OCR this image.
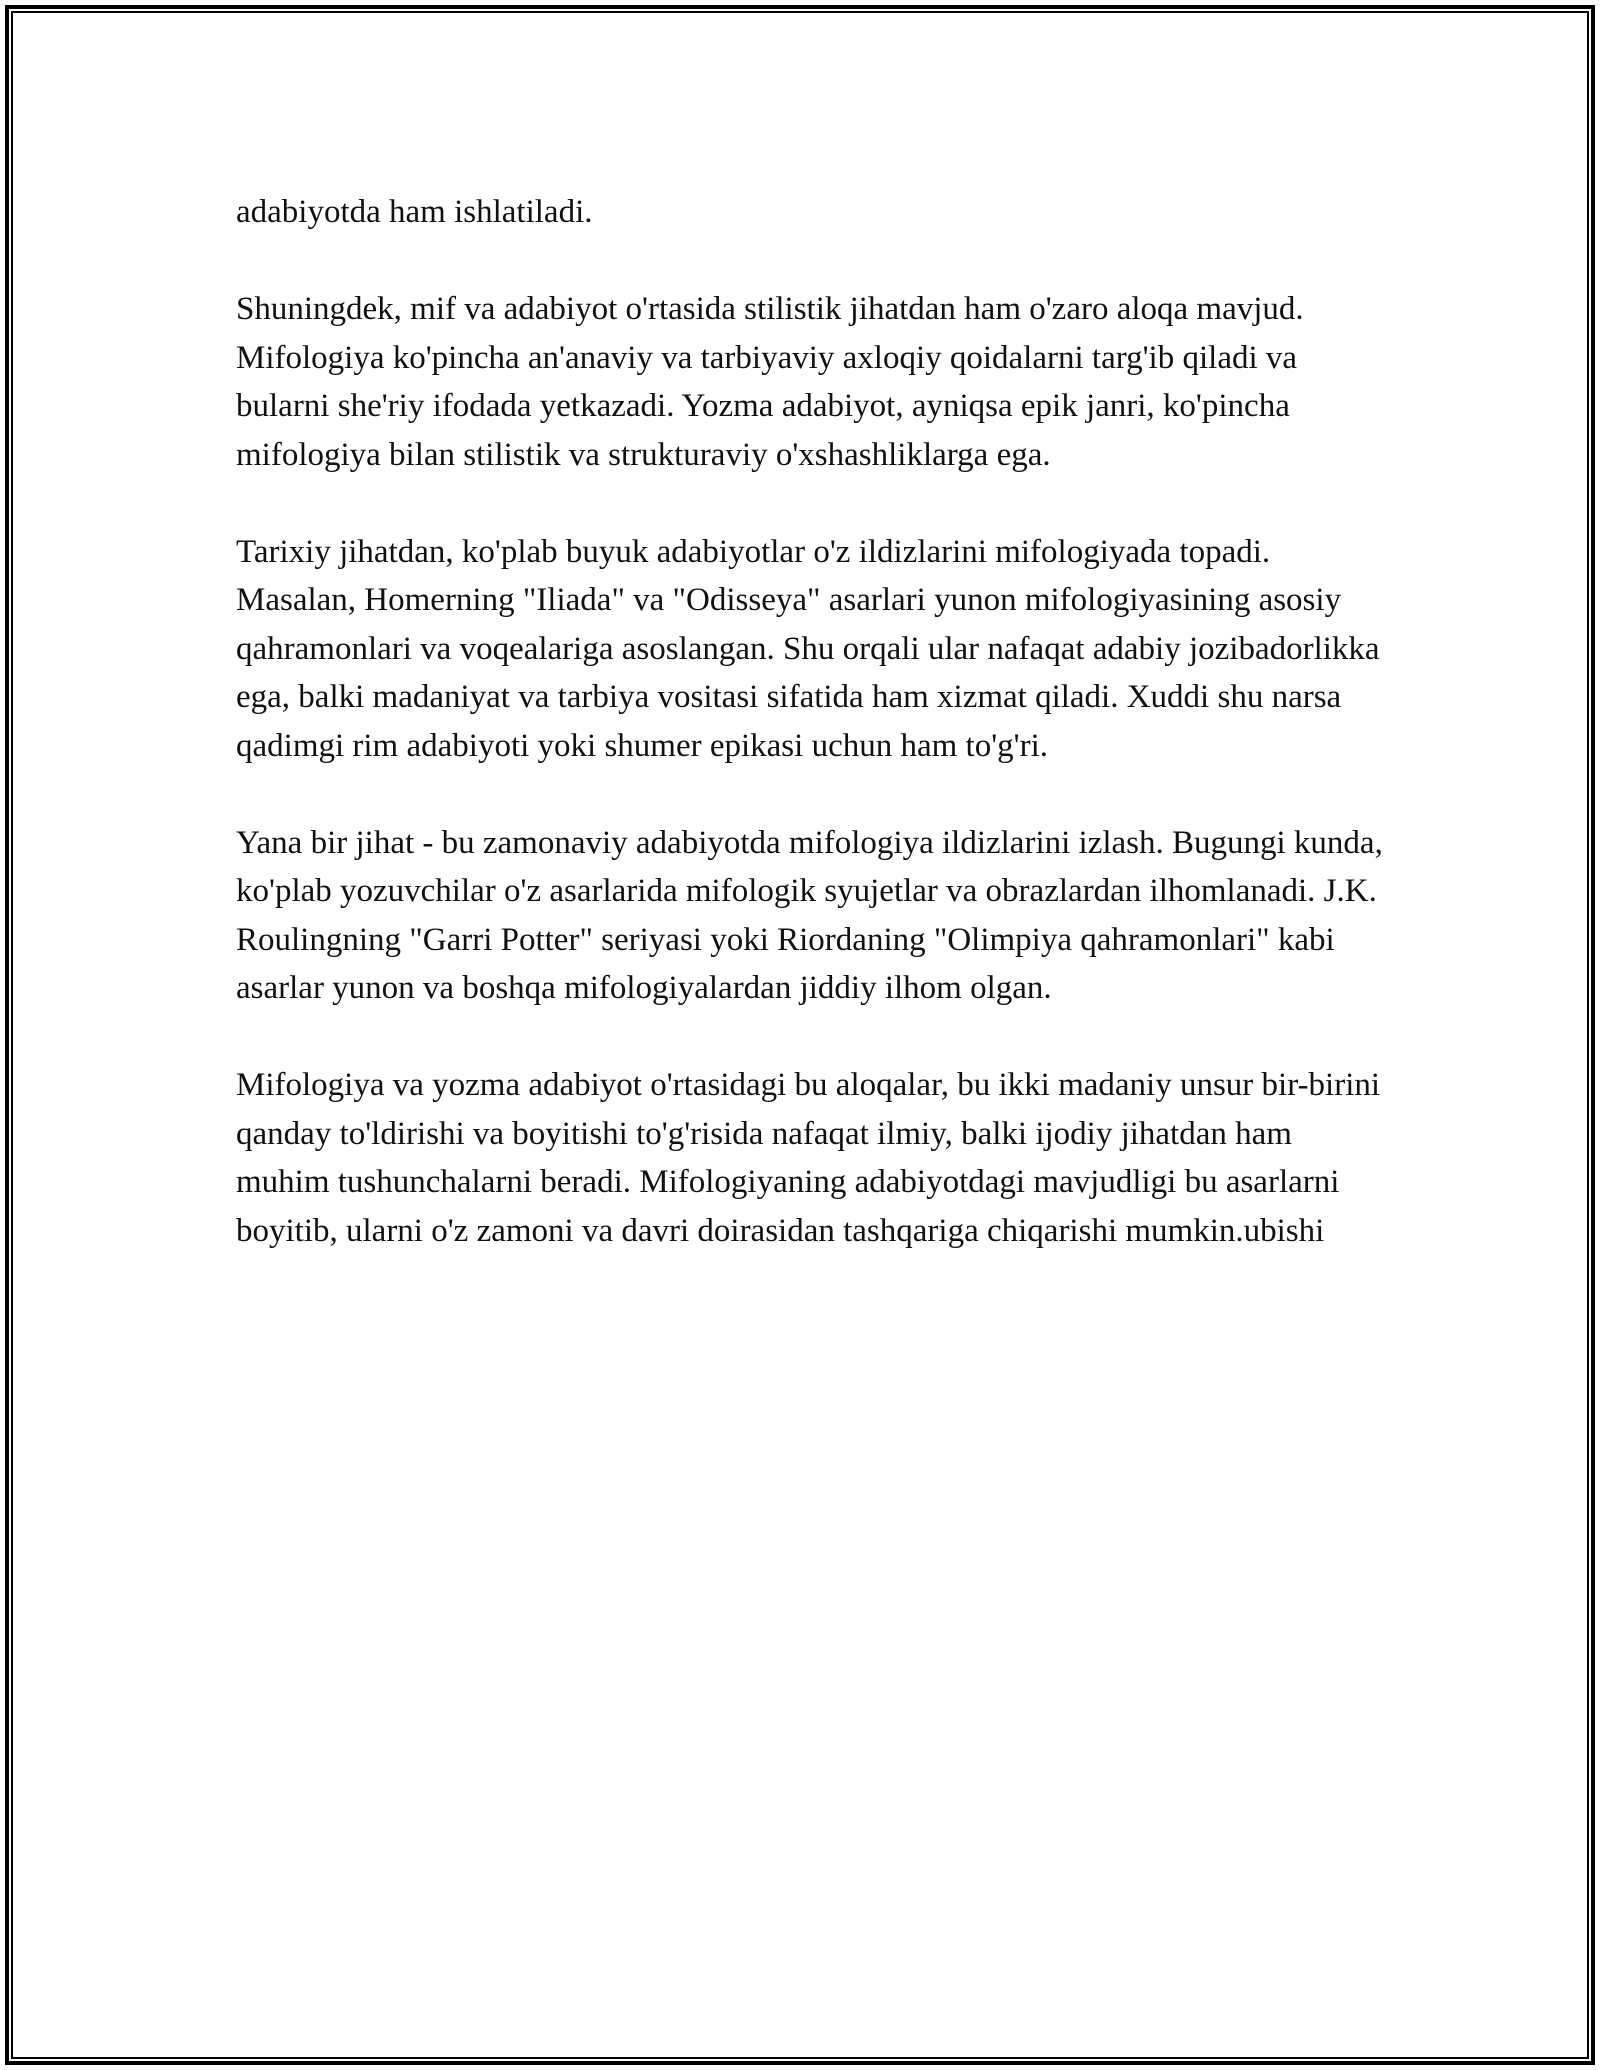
adabiyotda ham ishlatiladi.

Shuningdek, mif va adabiyot o'rtasida stilistik jihatdan ham o'zaro aloqa mavjud. Mifologiya ko'pincha an'anaviy va tarbiyaviy axloqiy qoidalarni targ'ib qiladi va bularni she'riy ifodada yetkazadi. Yozma adabiyot, ayniqsa epik janri, ko'pincha mifologiya bilan stilistik va strukturaviy o'xshashliklarga ega.

Tarixiy jihatdan, ko'plab buyuk adabiyotlar o'z ildizlarini mifologiyada topadi. Masalan, Homerning "Iliada" va "Odisseya" asarlari yunon mifologiyasining asosiy qahramonlari va voqealariga asoslangan. Shu orqali ular nafaqat adabiy jozibadorlikka ega, balki madaniyat va tarbiya vositasi sifatida ham xizmat qiladi. Xuddi shu narsa qadimgi rim adabiyoti yoki shumer epikasi uchun ham to'g'ri.

Yana bir jihat - bu zamonaviy adabiyotda mifologiya ildizlarini izlash. Bugungi kunda, ko'plab yozuvchilar o'z asarlarida mifologik syujetlar va obrazlardan ilhomlanadi. J.K. Roulingning "Garri Potter" seriyasi yoki Riordaning "Olimpiya qahramonlari" kabi asarlar yunon va boshqa mifologiyalardan jiddiy ilhom olgan.

Mifologiya va yozma adabiyot o'rtasidagi bu aloqalar, bu ikki madaniy unsur bir-birini qanday to'ldirishi va boyitishi to'g'risida nafaqat ilmiy, balki ijodiy jihatdan ham muhim tushunchalarni beradi. Mifologiyaning adabiyotdagi mavjudligi bu asarlarni boyitib, ularni o'z zamoni va davri doirasidan tashqariga chiqarishi mumkin.ubishi
